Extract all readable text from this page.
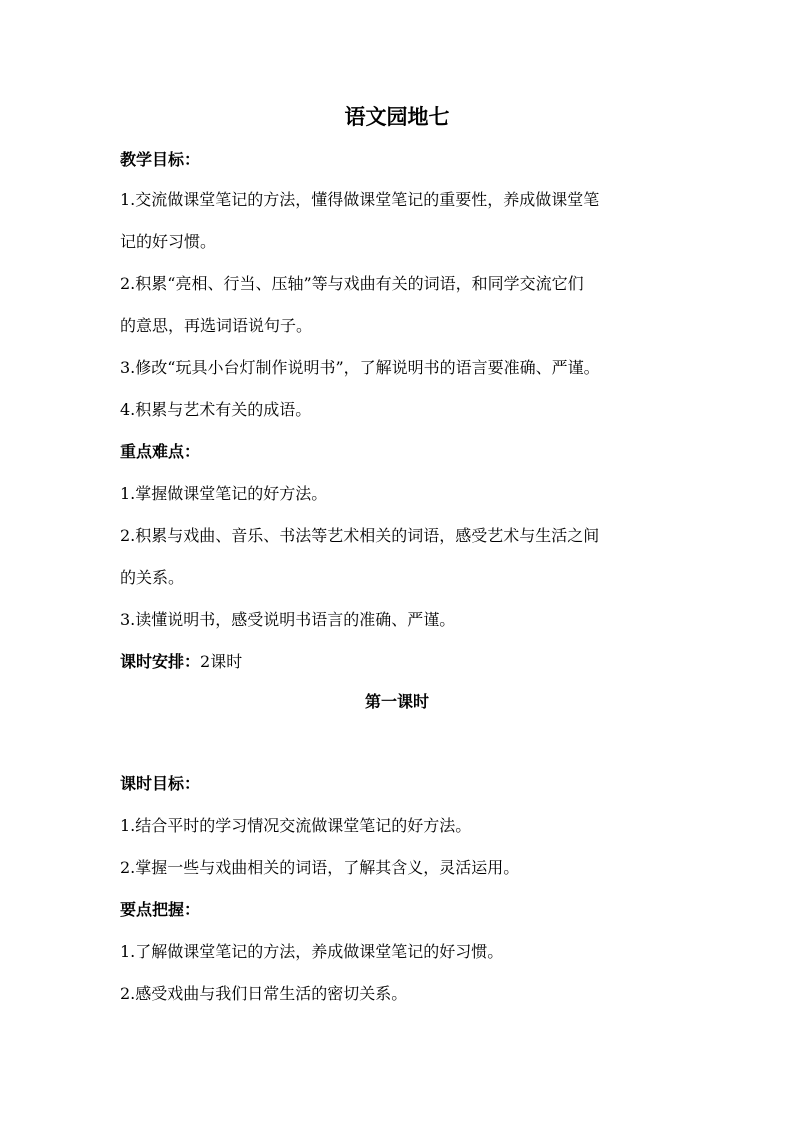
语文园地七
教学目标：
1.交流做课堂笔记的方法，懂得做课堂笔记的重要性，养成做课堂笔
记的好习惯。
2.积累“亮相、行当、压轴”等与戏曲有关的词语，和同学交流它们
的意思，再选词语说句子。
3.修改“玩具小台灯制作说明书”，了解说明书的语言要准确、严谨。
4.积累与艺术有关的成语。
重点难点：
1.掌握做课堂笔记的好方法。
2.积累与戏曲、音乐、书法等艺术相关的词语，感受艺术与生活之间
的关系。
3.读懂说明书，感受说明书语言的准确、严谨。
课时安排：2课时
第一课时
课时目标：
1.结合平时的学习情况交流做课堂笔记的好方法。
2.掌握一些与戏曲相关的词语，了解其含义，灵活运用。
要点把握：
1.了解做课堂笔记的方法，养成做课堂笔记的好习惯。
2.感受戏曲与我们日常生活的密切关系。
